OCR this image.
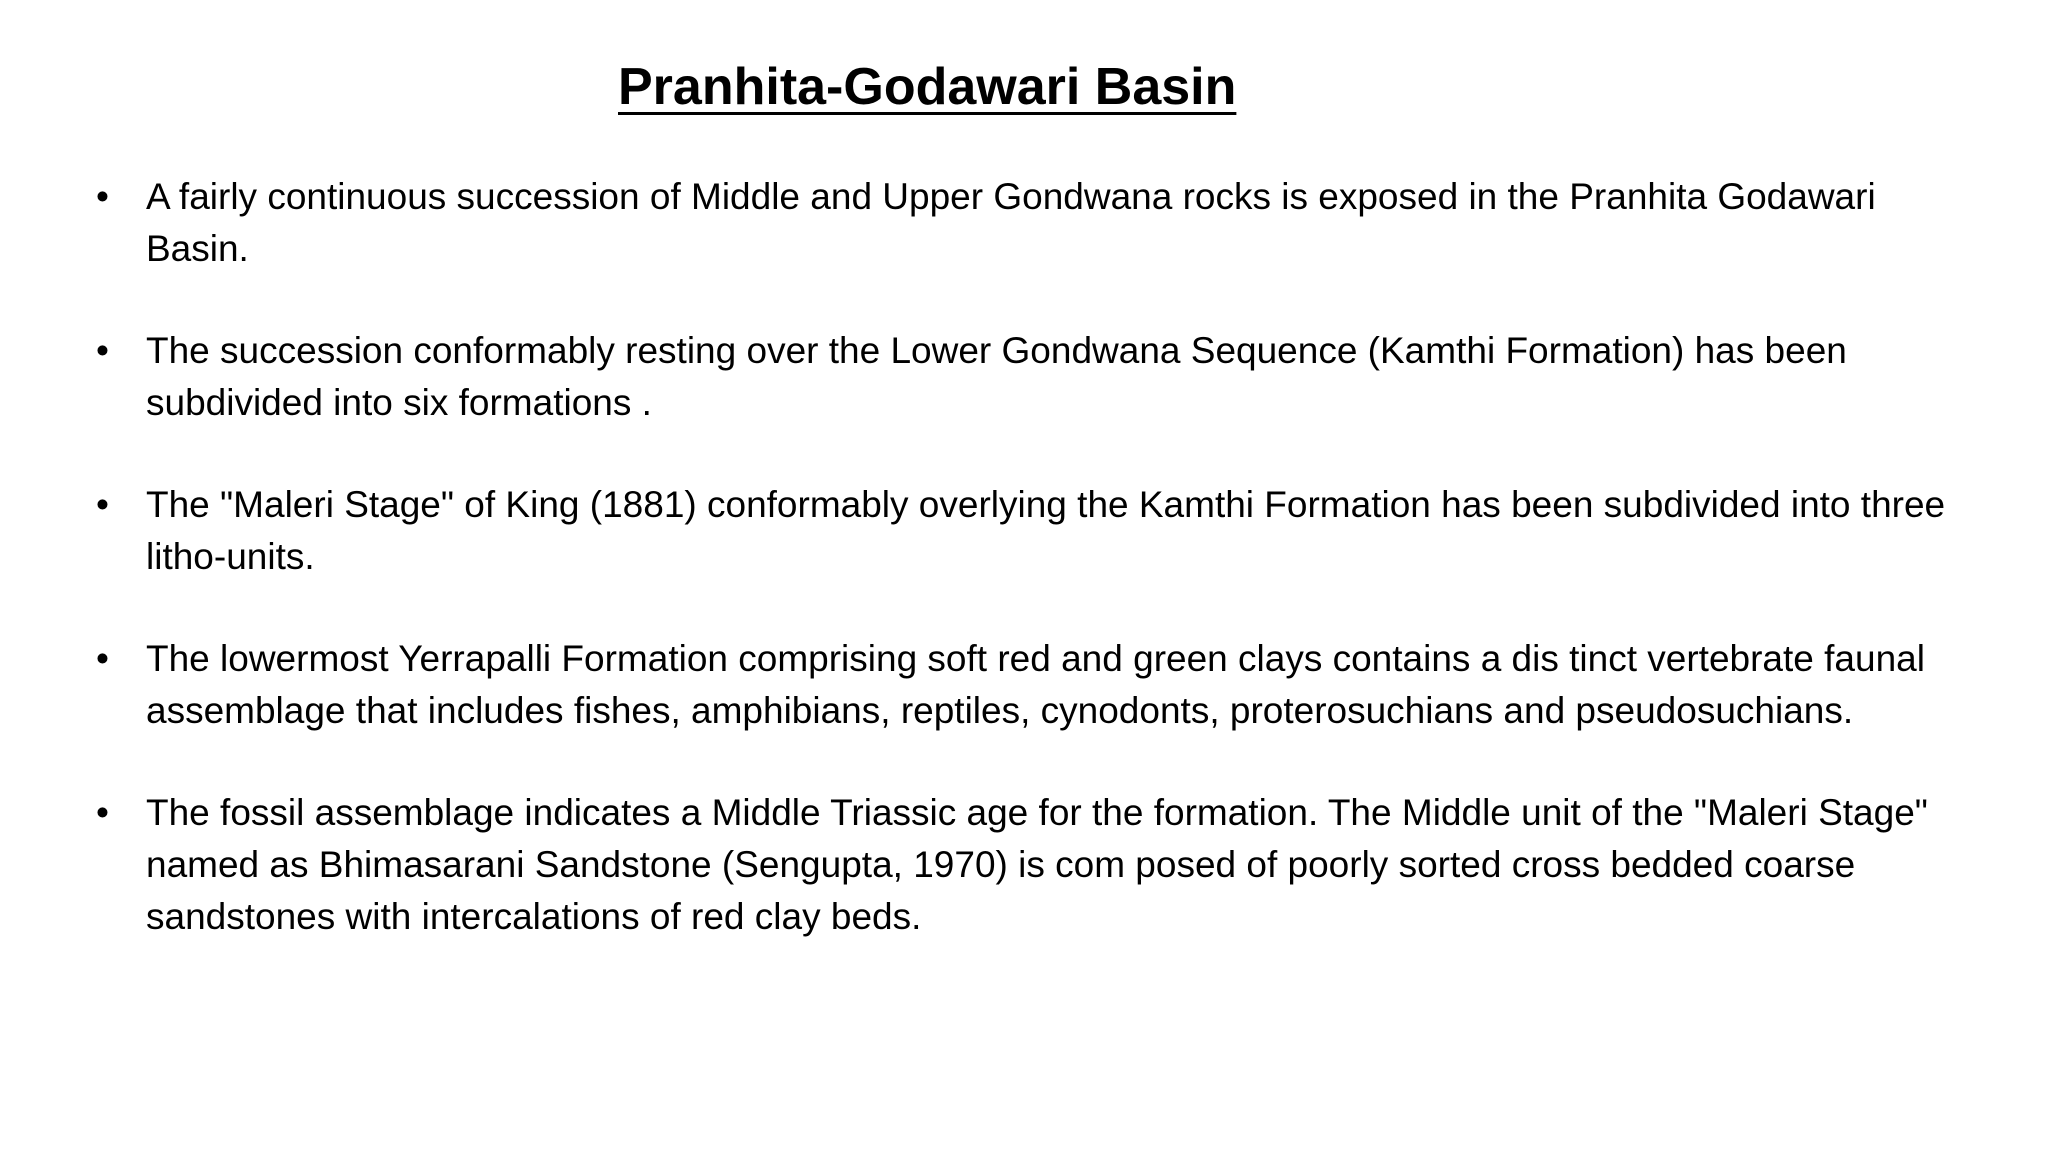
Pranhita-Godawari Basin
• A fairly continuous succession of Middle and Upper Gondwana rocks is exposed in the Pranhita Godawari Basin.
• The succession conformably resting over the Lower Gondwana Sequence (Kamthi Formation) has been subdivided into six formations .
• The "Maleri Stage" of King (1881) conformably overlying the Kamthi Formation has been subdivided into three litho-units.
• The lowermost Yerrapalli Formation comprising soft red and green clays contains a dis tinct vertebrate faunal assemblage that includes fishes, amphibians, reptiles, cynodonts, proterosuchians and pseudosuchians.
• The fossil assemblage indicates a Middle Triassic age for the formation. The Middle unit of the "Maleri Stage" named as Bhimasarani Sandstone (Sengupta, 1970) is com posed of poorly sorted cross bedded coarse sandstones with intercalations of red clay beds.
